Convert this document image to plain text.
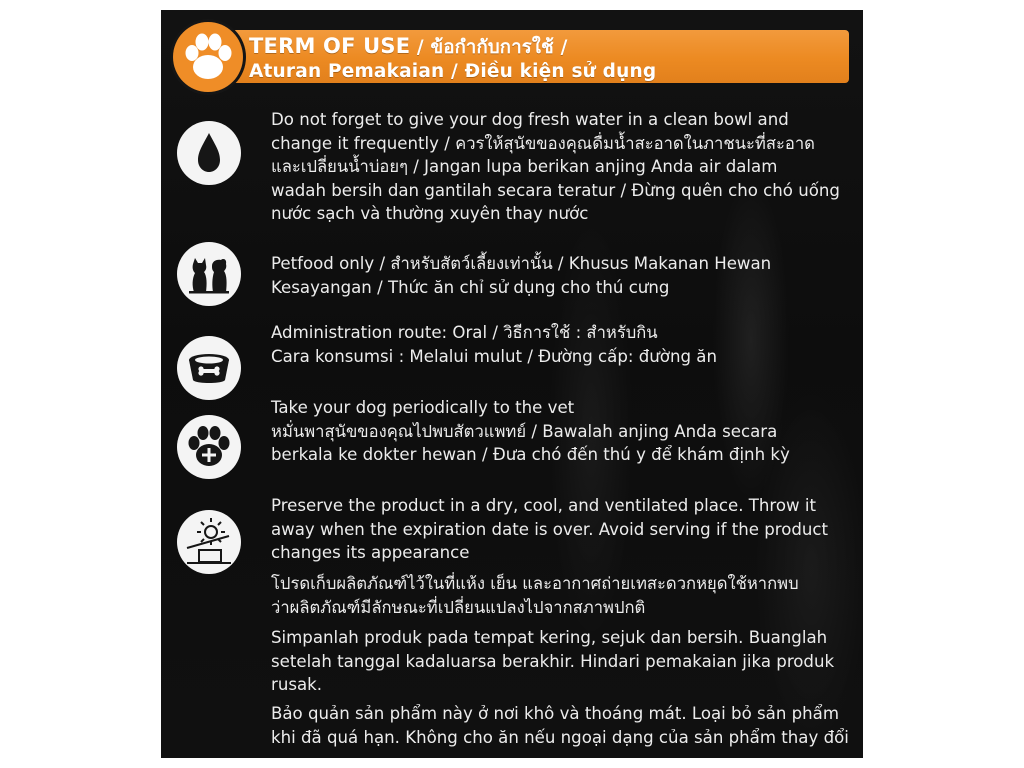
TERM OF USE / ข้อกำกับการใช้ /
Aturan Pemakaian / Điều kiện sử dụng
Do not forget to give your dog fresh water in a clean bowl and
change it frequently / ควรให้สุนัขของคุณดื่มน้ำสะอาดในภาชนะที่สะอาด
และเปลี่ยนน้ำบ่อยๆ / Jangan lupa berikan anjing Anda air dalam
wadah bersih dan gantilah secara teratur / Đừng quên cho chó uống
nước sạch và thường xuyên thay nước
Petfood only / สำหรับสัตว์เลี้ยงเท่านั้น / Khusus Makanan Hewan
Kesayangan / Thức ăn chỉ sử dụng cho thú cưng
Administration route: Oral / วิธีการใช้ : สำหรับกิน
Cara konsumsi : Melalui mulut / Đường cấp: đường ăn
Take your dog periodically to the vet
หมั่นพาสุนัขของคุณไปพบสัตวแพทย์ / Bawalah anjing Anda secara
berkala ke dokter hewan / Đưa chó đến thú y để khám định kỳ
Preserve the product in a dry, cool, and ventilated place. Throw it
away when the expiration date is over. Avoid serving if the product
changes its appearance
โปรดเก็บผลิตภัณฑ์ไว้ในที่แห้ง เย็น และอากาศถ่ายเทสะดวกหยุดใช้หากพบ
ว่าผลิตภัณฑ์มีลักษณะที่เปลี่ยนแปลงไปจากสภาพปกติ
Simpanlah produk pada tempat kering, sejuk dan bersih. Buanglah
setelah tanggal kadaluarsa berakhir. Hindari pemakaian jika produk
rusak.
Bảo quản sản phẩm này ở nơi khô và thoáng mát. Loại bỏ sản phẩm
khi đã quá hạn. Không cho ăn nếu ngoại dạng của sản phẩm thay đổi
